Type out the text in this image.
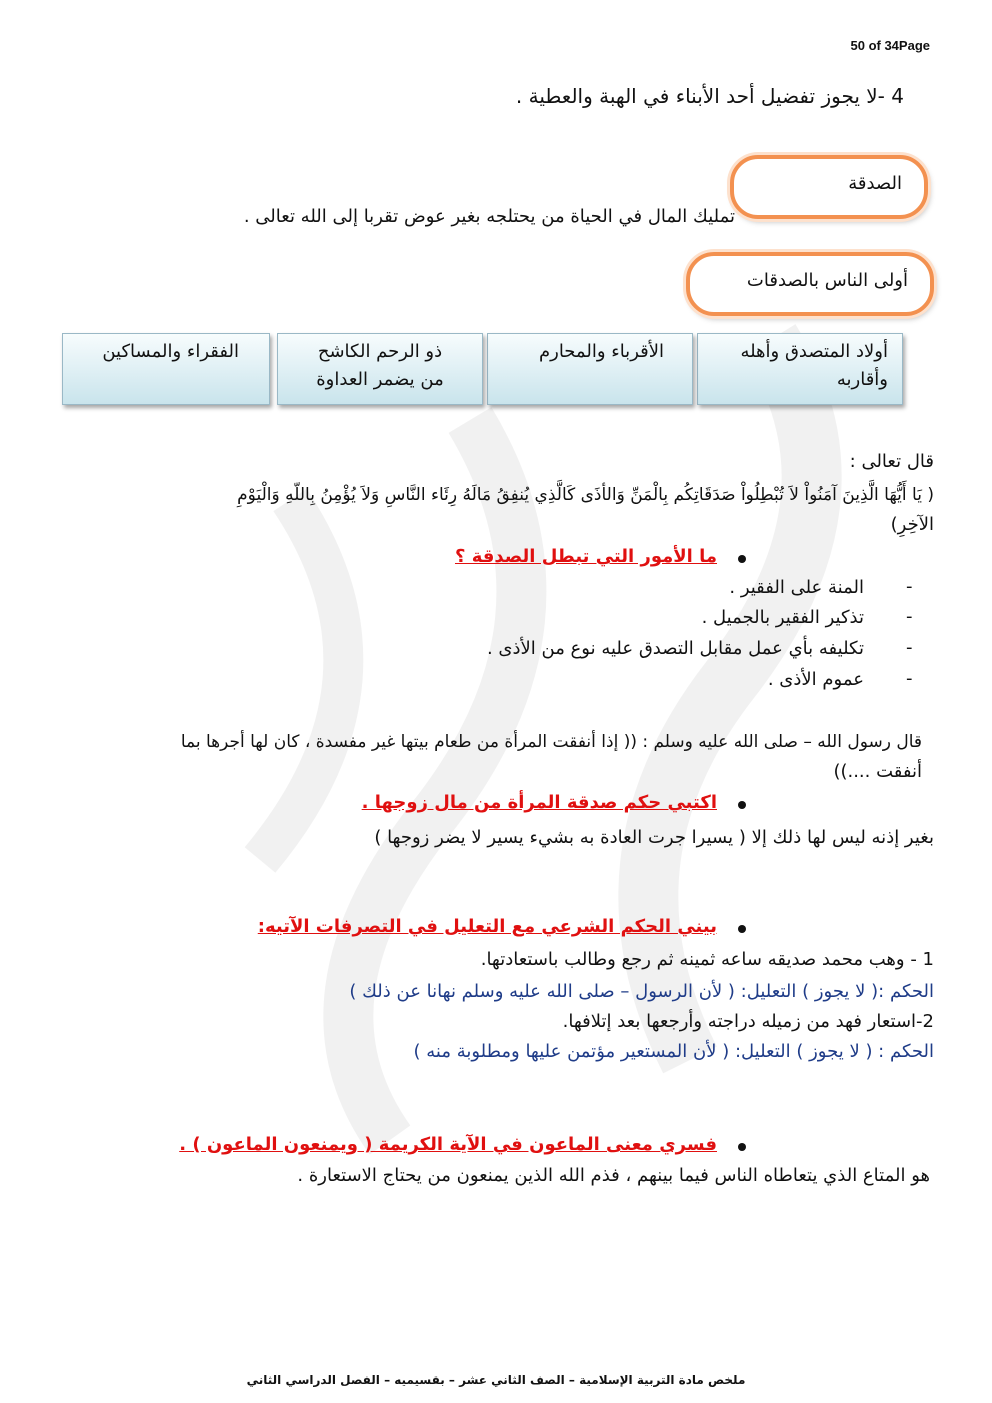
50 of 34Page
4 -لا يجوز تفضيل أحد الأبناء في الهبة والعطية .
الصدقة
تمليك المال في الحياة من يحتلجه بغير عوض تقربا إلى الله تعالى .
أولى الناس بالصدقات
أولاد المتصدق وأهله
وأقاربه
الأقرباء والمحارم
ذو الرحم الكاشح
من يضمر العداوة
الفقراء والمساكين
قال تعالى :
( يَا أَيُّهَا الَّذِينَ آمَنُواْ لاَ تُبْطِلُواْ صَدَقَاتِكُم بِالْمَنِّ وَالأذَى كَالَّذِي يُنفِقُ مَالَهُ رِئَاء النَّاسِ وَلاَ يُؤْمِنُ بِاللّهِ وَالْيَوْمِ
الآخِرِ)
ما الأمور التي تبطل الصدقة ؟
-
المنة على الفقير .
-
تذكير الفقير بالجميل .
-
تكليفه بأي عمل مقابل التصدق عليه نوع من الأذى .
-
عموم الأذى .
قال رسول الله – صلى الله عليه وسلم : (( إذا أنفقت المرأة من طعام بيتها غير مفسدة ، كان لها أجرها بما
أنفقت ....))
اكتبي حكم صدقة المرأة من مال زوجها .
بغير إذنه ليس لها ذلك إلا ( يسيرا جرت العادة به بشيء يسير لا يضر زوجها )
بيني الحكم الشرعي مع التعليل في التصرفات الآتيه:
1 - وهب محمد صديقه ساعه ثمينه ثم رجع وطالب باستعادتها.
الحكم :( لا يجوز ) التعليل: ( لأن الرسول – صلى الله عليه وسلم نهانا عن ذلك )
2-استعار فهد من زميله دراجته وأرجعها بعد إتلافها.
الحكم : ( لا يجوز ) التعليل: ( لأن المستعير مؤتمن عليها ومطلوبة منه )
فسري معنى الماعون في الآية الكريمة ( ويمنعون الماعون ) .
هو المتاع الذي يتعاطاه الناس فيما بينهم ، فذم الله الذين يمنعون من يحتاج الاستعارة .
ملخص مادة التربية الإسلامية – الصف الثاني عشر – بقسيميه – الفصل الدراسي الثاني
